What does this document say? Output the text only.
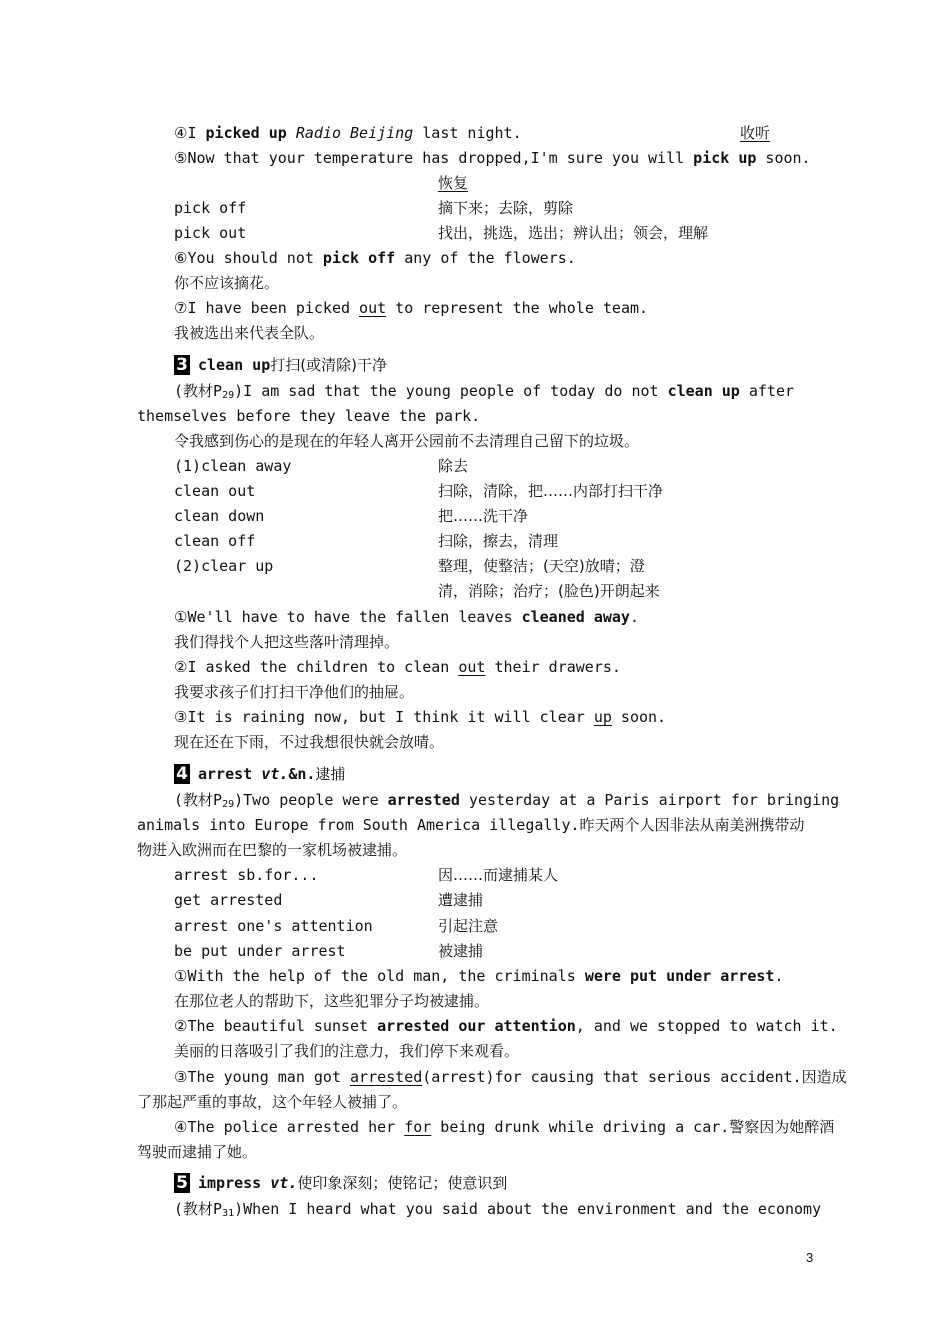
④I picked up Radio Beijing last night.	收听
⑤Now that your temperature has dropped,I'm sure you will pick up soon.
恢复
pick off	摘下来；去除，剪除
pick out	找出，挑选，选出；辨认出；领会，理解
⑥You should not pick off any of the flowers.
你不应该摘花。
⑦I have been picked out to represent the whole team.
我被选出来代表全队。
3 clean up打扫(或清除)干净
(教材$P_{29})I$ am sad that the young people of today do not clean up after
themselves before they leave the park.
令我感到伤心的是现在的年轻人离开公园前不去清理自己留下的垃圾。
(1)clean away	除去
clean out	扫除，清除，把……内部打扫干净
clean down	把……洗干净
clean off	扫除，擦去，清理
(2)clear up	整理，使整洁；(天空)放晴；澄
清，消除；治疗；(脸色)开朗起来
①We'll have to have the fallen leaves cleaned away.
我们得找个人把这些落叶清理掉。
②I asked the children to clean out their drawers.
我要求孩子们打扫干净他们的抽屉。
③It is raining now, but I think it will clear up soon.
现在还在下雨，不过我想很快就会放晴。
4 arrest vt.&n.逮捕
(教材$P_{29})Two$ people were arrested yesterday at a Paris airport for bringing
animals into Europe from South America illegally.昨天两个人因非法从南美洲携带动
物进入欧洲而在巴黎的一家机场被逮捕。
arrest sb.for...	因……而逮捕某人
get arrested	遭逮捕
arrest one's attention	引起注意
be put under arrest	被逮捕
①With the help of the old man, the criminals were put under arrest.
在那位老人的帮助下，这些犯罪分子均被逮捕。
②The beautiful sunset arrested our attention, and we stopped to watch it.
美丽的日落吸引了我们的注意力，我们停下来观看。
③The young man got arrested(arrest)for causing that serious accident.因造成
了那起严重的事故，这个年轻人被捕了。
④The police arrested her for being drunk while driving a car.警察因为她醉酒
驾驶而逮捕了她。
5 impress vt.使印象深刻；使铭记；使意识到
(教材$P_{31})When$ I heard what you said about the environment and the economy
3
